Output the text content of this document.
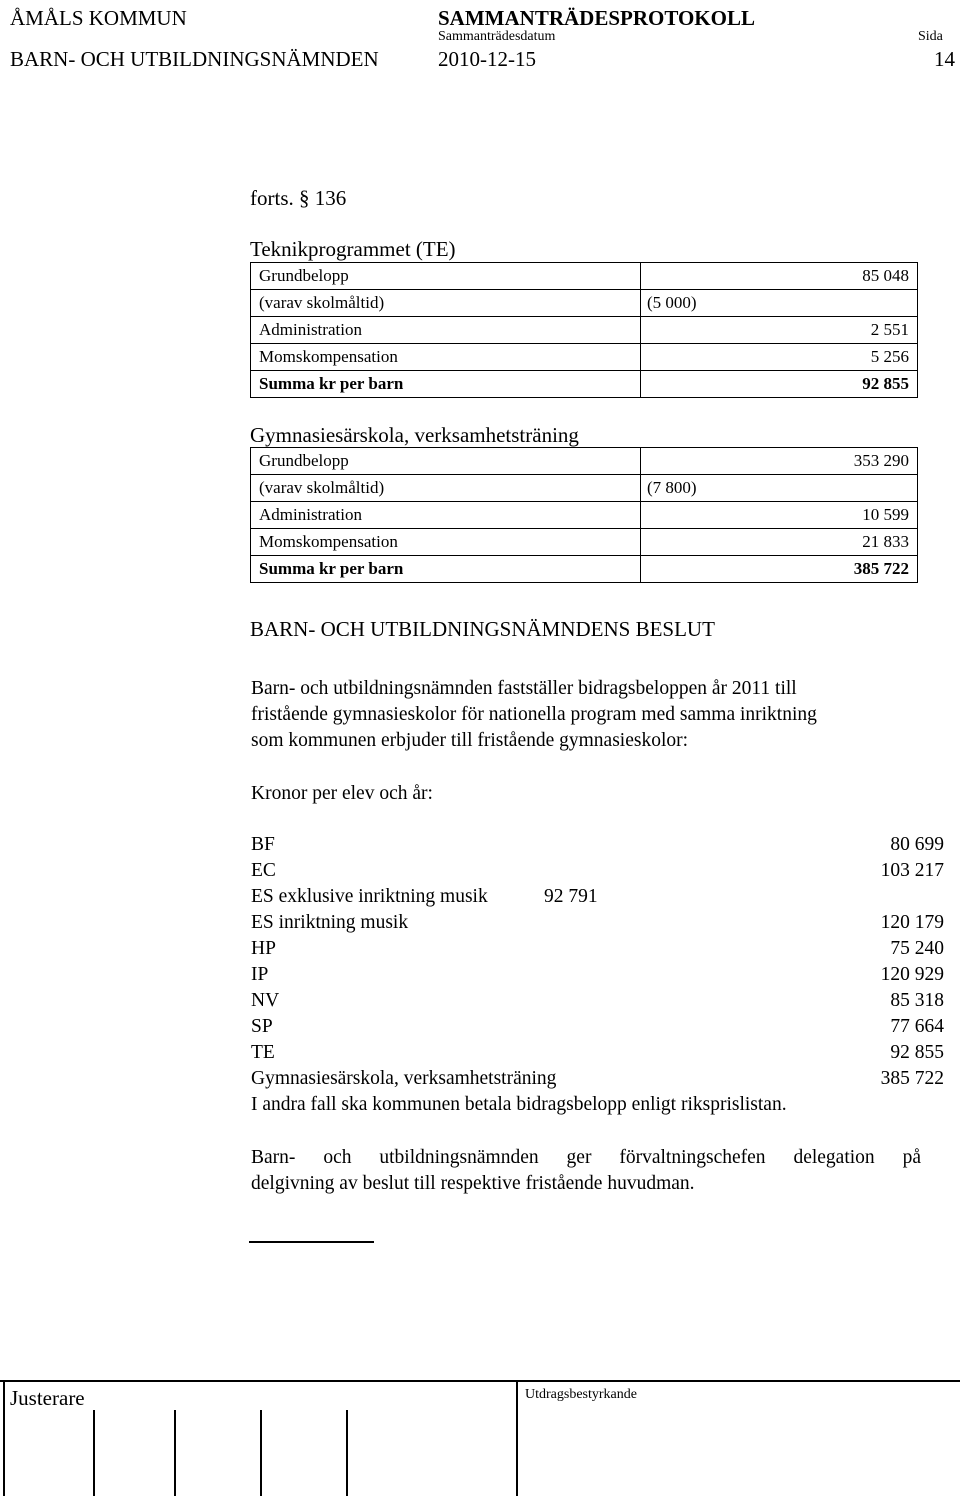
ÅMÅLS KOMMUN
BARN- OCH UTBILDNINGSNÄMNDEN
SAMMANTRÄDESPROTOKOLL
Sammanträdesdatum
2010-12-15
Sida
14
forts. § 136
Teknikprogrammet (TE)
Grundbelopp	85 048
(varav skolmåltid)	(5 000)
Administration	2 551
Momskompensation	5 256
Summa kr per barn	92 855
Gymnasiesärskola, verksamhetsträning
Grundbelopp	353 290
(varav skolmåltid)	(7 800)
Administration	10 599
Momskompensation	21 833
Summa kr per barn	385 722
BARN- OCH UTBILDNINGSNÄMNDENS BESLUT
Barn- och utbildningsnämnden fastställer bidragsbeloppen år 2011 till
fristående gymnasieskolor för nationella program med samma inriktning
som kommunen erbjuder till fristående gymnasieskolor:
Kronor per elev och år:
BF	80 699
EC	103 217
ES exklusive inriktning musik	92 791
ES inriktning musik	120 179
HP	75 240
IP	120 929
NV	85 318
SP	77 664
TE	92 855
Gymnasiesärskola, verksamhetsträning	385 722
I andra fall ska kommunen betala bidragsbelopp enligt riksprislistan.
Barn- och utbildningsnämnden ger förvaltningschefen delegation på
delgivning av beslut till respektive fristående huvudman.
Justerare	Utdragsbestyrkande
